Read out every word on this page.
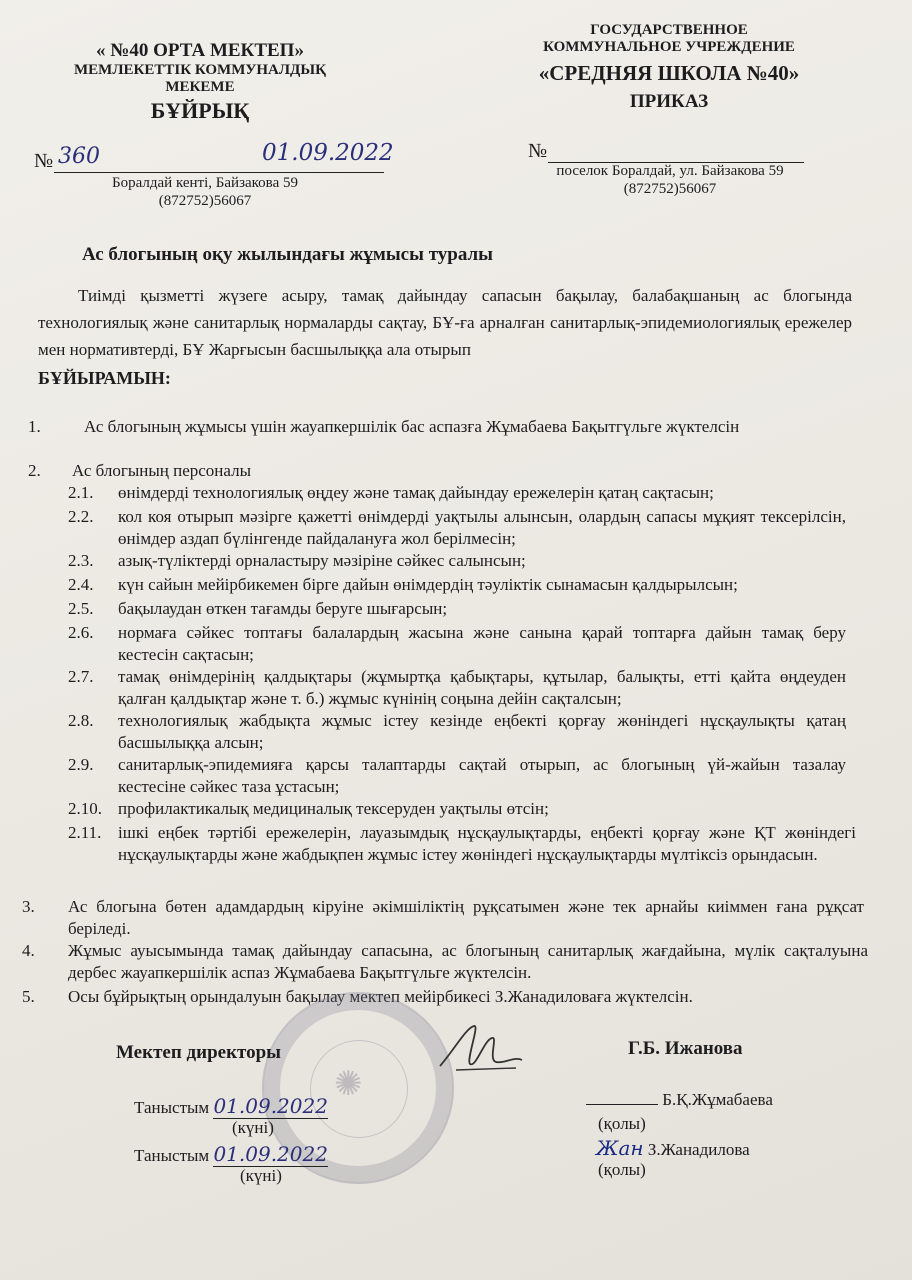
« №40 ОРТА МЕКТЕП»
МЕМЛЕКЕТТІК КОММУНАЛДЫҚ МЕКЕМЕ
БҰЙРЫҚ
ГОСУДАРСТВЕННОЕ КОММУНАЛЬНОЕ УЧРЕЖДЕНИЕ
«СРЕДНЯЯ ШКОЛА №40»
ПРИКАЗ
№ 360	01.09.2022
Боралдай кенті, Байзакова 59
(872752)56067
№
поселок Боралдай, ул. Байзакова 59
(872752)56067
Ас блогының оқу жылындағы жұмысы туралы
Тиімді қызметті жүзеге асыру, тамақ дайындау сапасын бақылау, балабақшаның ас блогында технологиялық және санитарлық нормаларды сақтау, БҰ-ға арналған санитарлық-эпидемиологиялық ережелер мен нормативтерді, БҰ Жарғысын басшылыққа ала отырып
БҰЙЫРАМЫН:
1.	Ас блогының жұмысы үшін жауапкершілік бас аспазға Жұмабаева Бақытгүльге жүктелсін
2. Ас блогының персоналы
2.1. өнімдерді технологиялық өңдеу және тамақ дайындау ережелерін қатаң сақтасын;
2.2. кол коя отырып мәзірге қажетті өнімдерді уақтылы алынсын, олардың сапасы мұқият тексерілсін, өнімдер аздап бүлінгенде пайдалануға жол берілмесін;
2.3. азық-түліктерді орналастыру мәзіріне сәйкес салынсын;
2.4. күн сайын мейірбикемен бірге дайын өнімдердің тәуліктік сынамасын қалдырылсын;
2.5. бақылаудан өткен тағамды беруге шығарсын;
2.6. нормаға сәйкес топтағы балалардың жасына және санына қарай топтарға дайын тамақ беру кестесін сақтасын;
2.7. тамақ өнімдерінің қалдықтары (жұмыртқа қабықтары, құтылар, балықты, етті қайта өңдеуден қалған қалдықтар және т. б.) жұмыс күнінің соңына дейін сақталсын;
2.8. технологиялық жабдықта жұмыс істеу кезінде еңбекті қорғау жөніндегі нұсқаулықты қатаң басшылыққа алсын;
2.9. санитарлық-эпидемияға қарсы талаптарды сақтай отырып, ас блогының үй-жайын тазалау кестесіне сәйкес таза ұстасын;
2.10. профилактикалық медициналық тексеруден уақтылы өтсін;
2.11. ішкі еңбек тәртібі ережелерін, лауазымдық нұсқаулықтарды, еңбекті қорғау және ҚТ жөніндегі нұсқаулықтарды және жабдықпен жұмыс істеу жөніндегі нұсқаулықтарды мүлтіксіз орындасын.
3. Ас блогына бөтен адамдардың кіруіне әкімшіліктің рұқсатымен және тек арнайы киіммен ғана рұқсат беріледі.
4. Жұмыс ауысымында тамақ дайындау сапасына, ас блогының санитарлық жағдайына, мүлік сақталуына дербес жауапкершілік аспаз Жұмабаева Бақытгүльге жүктелсін.
5. Осы бұйрықтың орындалуын бақылау мектеп мейірбикесі З.Жанадиловаға жүктелсін.
✺
Мектеп директоры	Г.Б. Ижанова
Таныстым 01.09.2022
(күні)
Таныстым 01.09.2022
(күні)
Б.Қ.Жұмабаева
(қолы)
Жан З.Жанадилова
(қолы)
